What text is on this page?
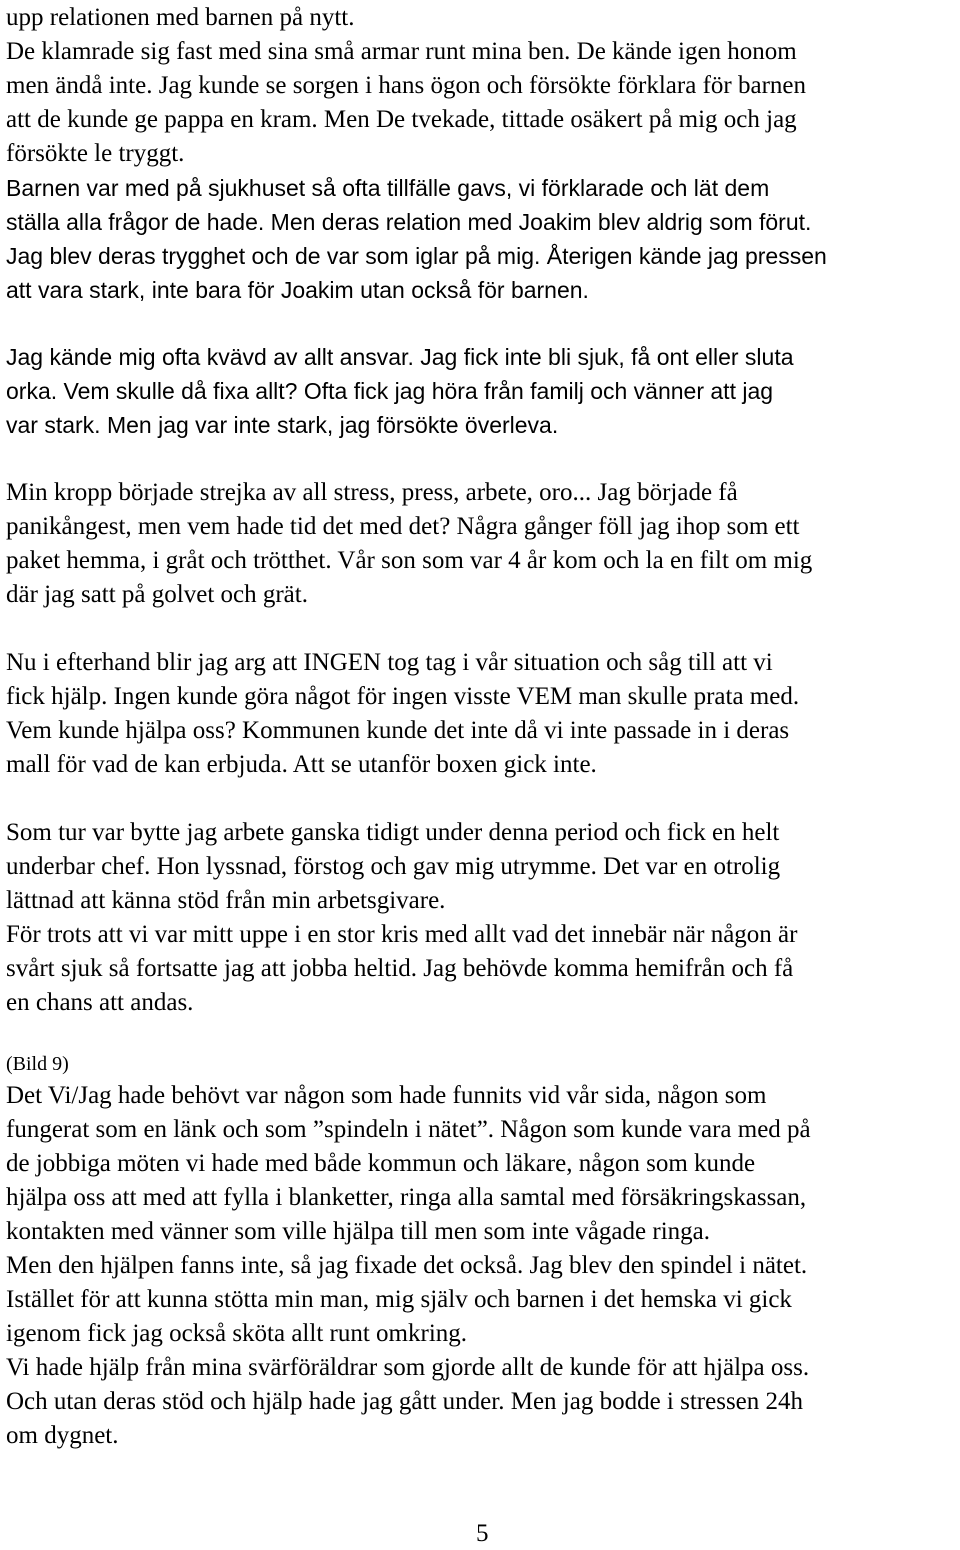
upp relationen med barnen på nytt.
De klamrade sig fast med sina små armar runt mina ben. De kände igen honom
men ändå inte. Jag kunde se sorgen i hans ögon och försökte förklara för barnen
att de kunde ge pappa en kram. Men De tvekade, tittade osäkert på mig och jag
försökte le tryggt.
Barnen var med på sjukhuset så ofta tillfälle gavs, vi förklarade och lät dem
ställa alla frågor de hade. Men deras relation med Joakim blev aldrig som förut.
Jag blev deras trygghet och de var som iglar på mig. Återigen kände jag pressen
att vara stark, inte bara för Joakim utan också för barnen.
Jag kände mig ofta kvävd av allt ansvar. Jag fick inte bli sjuk, få ont eller sluta
orka. Vem skulle då fixa allt? Ofta fick jag höra från familj och vänner att jag
var stark. Men jag var inte stark, jag försökte överleva.
Min kropp började strejka av all stress, press, arbete, oro... Jag började få
panikångest, men vem hade tid det med det? Några gånger föll jag ihop som ett
paket hemma, i gråt och trötthet. Vår son som var 4 år kom och la en filt om mig
där jag satt på golvet och grät.
Nu i efterhand blir jag arg att INGEN tog tag i vår situation och såg till att vi
fick hjälp. Ingen kunde göra något för ingen visste VEM man skulle prata med.
Vem kunde hjälpa oss? Kommunen kunde det inte då vi inte passade in i deras
mall för vad de kan erbjuda. Att se utanför boxen gick inte.
Som tur var bytte jag arbete ganska tidigt under denna period och fick en helt
underbar chef. Hon lyssnad, förstog och gav mig utrymme. Det var en otrolig
lättnad att känna stöd från min arbetsgivare.
För trots att vi var mitt uppe i en stor kris med allt vad det innebär när någon är
svårt sjuk så fortsatte jag att jobba heltid. Jag behövde komma hemifrån och få
en chans att andas.
(Bild 9)
Det Vi/Jag hade behövt var någon som hade funnits vid vår sida, någon som
fungerat som en länk och som ”spindeln i nätet”. Någon som kunde vara med på
de jobbiga möten vi hade med både kommun och läkare, någon som kunde
hjälpa oss att med att fylla i blanketter, ringa alla samtal med försäkringskassan,
kontakten med vänner som ville hjälpa till men som inte vågade ringa.
Men den hjälpen fanns inte, så jag fixade det också. Jag blev den spindel i nätet.
Istället för att kunna stötta min man, mig själv och barnen i det hemska vi gick
igenom fick jag också sköta allt runt omkring.
Vi hade hjälp från mina svärföräldrar som gjorde allt de kunde för att hjälpa oss.
Och utan deras stöd och hjälp hade jag gått under. Men jag bodde i stressen 24h
om dygnet.
5
